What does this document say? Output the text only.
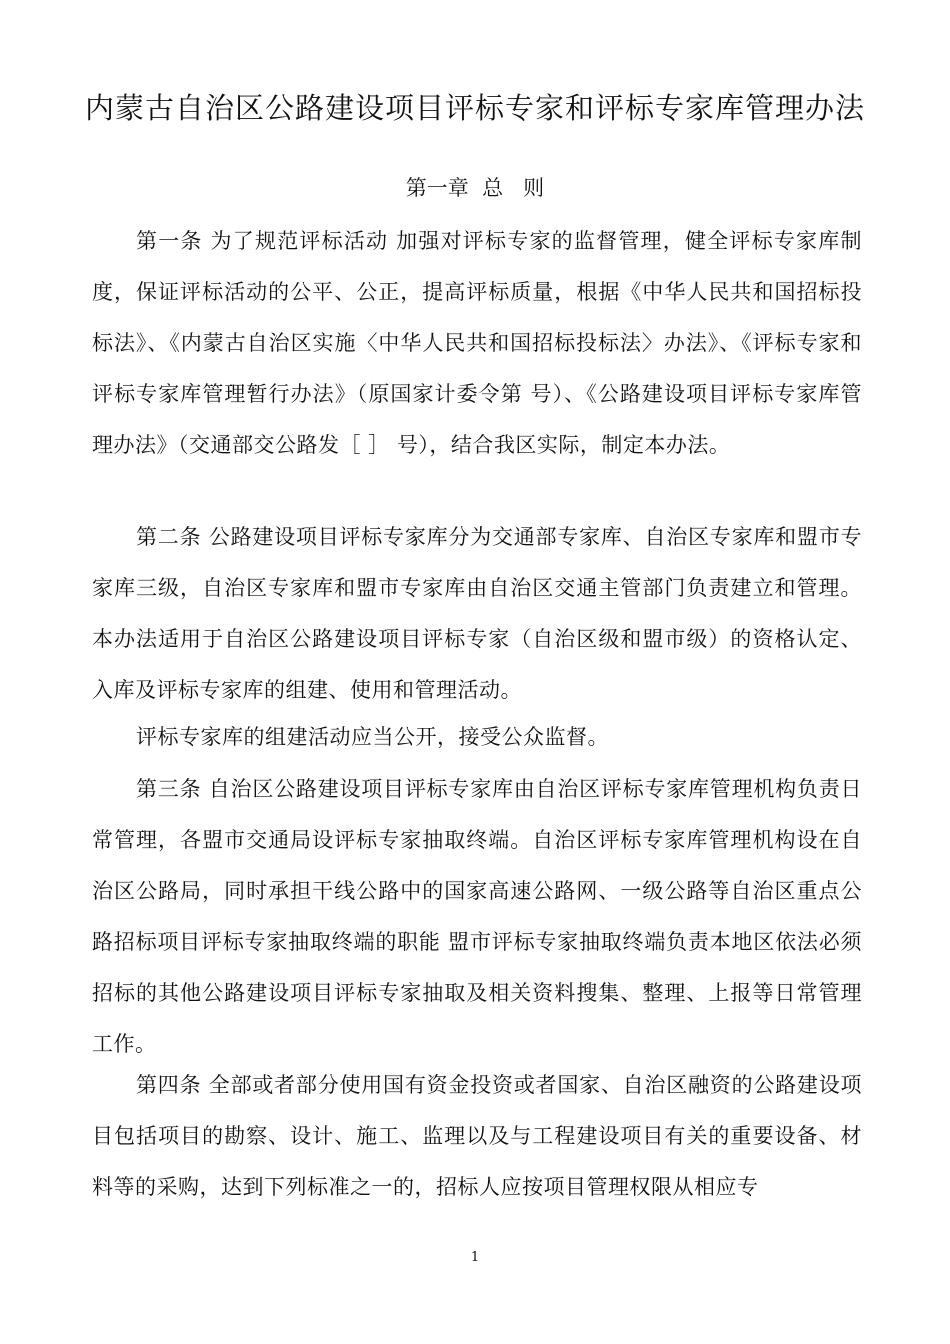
内蒙古自治区公路建设项目评标专家和评标专家库管理办法
第一章  总   则

第一条 为了规范评标活动 加强对评标专家的监督管理，健全评标专家库制度，保证评标活动的公平、公正，提高评标质量，根据《中华人民共和国招标投标法》、《内蒙古自治区实施〈中华人民共和国招标投标法〉办法》、《评标专家和评标专家库管理暂行办法》（原国家计委令第 号）、《公路建设项目评标专家库管理办法》（交通部交公路发［ ］ 号），结合我区实际，制定本办法。

第二条 公路建设项目评标专家库分为交通部专家库、自治区专家库和盟市专家库三级，自治区专家库和盟市专家库由自治区交通主管部门负责建立和管理。本办法适用于自治区公路建设项目评标专家（自治区级和盟市级）的资格认定、入库及评标专家库的组建、使用和管理活动。

评标专家库的组建活动应当公开，接受公众监督。

第三条 自治区公路建设项目评标专家库由自治区评标专家库管理机构负责日常管理，各盟市交通局设评标专家抽取终端。自治区评标专家库管理机构设在自治区公路局，同时承担干线公路中的国家高速公路网、一级公路等自治区重点公路招标项目评标专家抽取终端的职能 盟市评标专家抽取终端负责本地区依法必须招标的其他公路建设项目评标专家抽取及相关资料搜集、整理、上报等日常管理工作。

第四条 全部或者部分使用国有资金投资或者国家、自治区融资的公路建设项目包括项目的勘察、设计、施工、监理以及与工程建设项目有关的重要设备、材料等的采购，达到下列标准之一的，招标人应按项目管理权限从相应专

1
